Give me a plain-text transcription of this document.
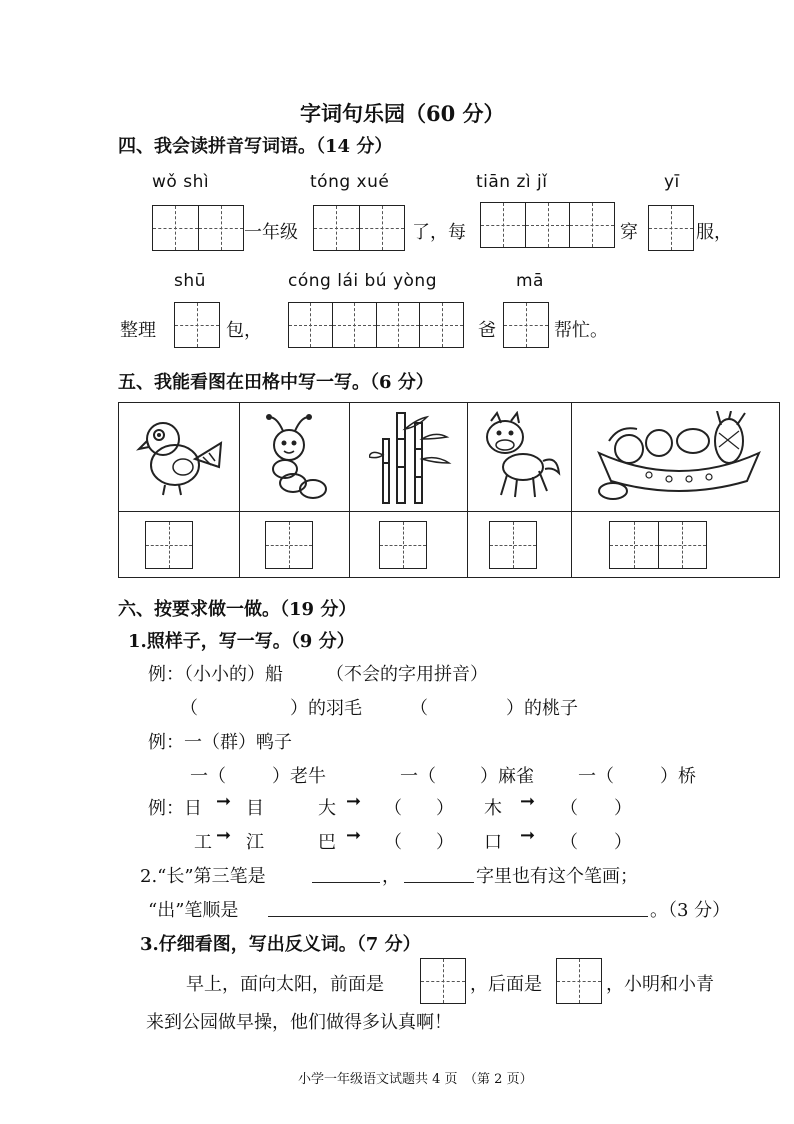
字词句乐园（60 分）
四、我会读拼音写词语。（14 分）
wǒ shì	tóng xué	tiān zì jǐ	yī
一年级	了，每	穿	服，
shū	cóng lái bú yòng	mā
整理	包，	爸	帮忙。
五、我能看图在田格中写一写。（6 分）
六、按要求做一做。（19 分）
1.照样子，写一写。（9 分）
例：（小小的）船 （不会的字用拼音）
（	）的羽毛	（	）的桃子
例：一（群）鸭子
一（	）老牛	一（ ）麻雀 一（	）桥
例：日 ➞ 目	大 ➞ （ ） 木 ➞ （ ）
工 ➞ 江	巴 ➞ （ ） 口 ➞ （ ）
2.“长”第三笔是	，	字里也有这个笔画；
“出”笔顺是	。（3 分）
3.仔细看图，写出反义词。（7 分）
早上，面向太阳，前面是	，后面是	，小明和小青
来到公园做早操，他们做得多认真啊！
小学一年级语文试题共 4 页　（第 2 页）
